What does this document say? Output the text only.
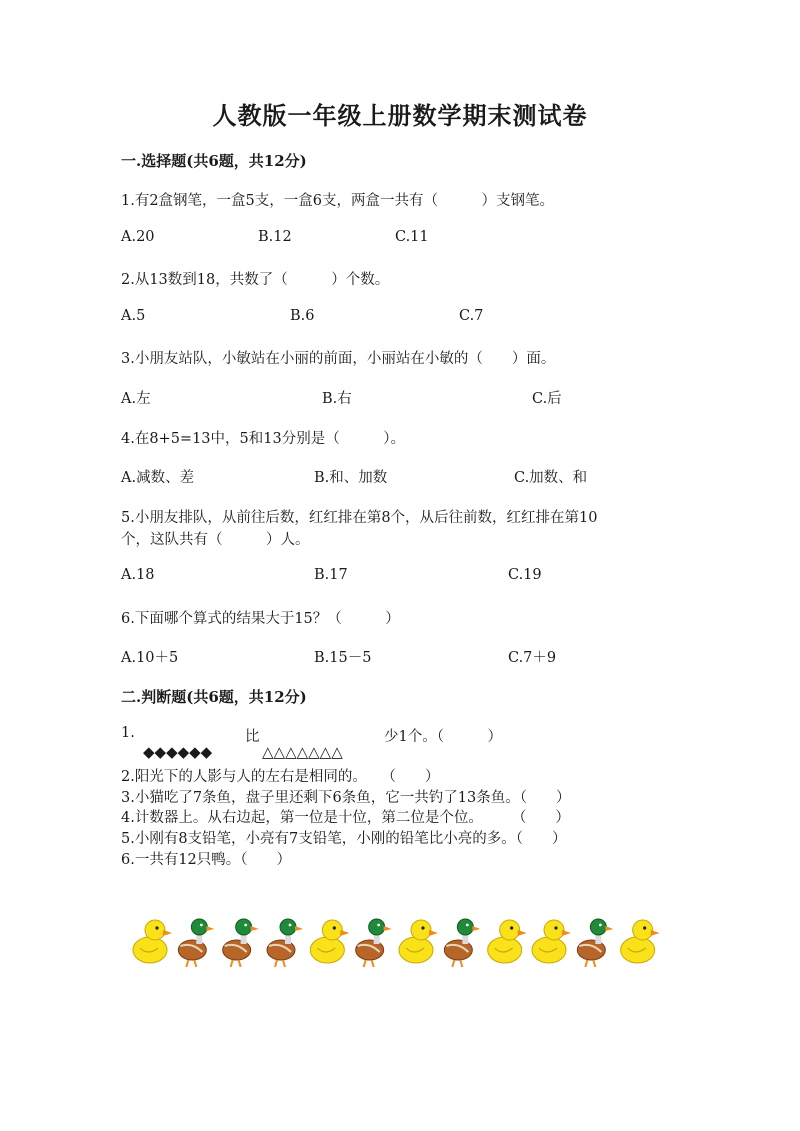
人教版一年级上册数学期末测试卷
一.选择题(共6题，共12分)
1.有2盒钢笔，一盒5支，一盒6支，两盒一共有（　　　）支钢笔。
A.20	B.12	C.11
2.从13数到18，共数了（　　　）个数。
A.5	B.6	C.7
3.小朋友站队，小敏站在小丽的前面，小丽站在小敏的（　　）面。
A.左	B.右	C.后
4.在8+5=13中，5和13分别是（　　　）。
A.减数、差	B.和、加数	C.加数、和
5.小朋友排队，从前往后数，红红排在第8个，从后往前数，红红排在第10
个，这队共有（　　　）人。
A.18	B.17	C.19
6.下面哪个算式的结果大于15？（　　　）
A.10＋5	B.15－5	C.7＋9
二.判断题(共6题，共12分)
1.	比	少1个。（　　　）
◆◆◆◆◆◆	△△△△△△△
2.阳光下的人影与人的左右是相同的。　　（　　）
3.小猫吃了7条鱼，盘子里还剩下6条鱼，它一共钓了13条鱼。（　　）
4.计数器上。从右边起，第一位是十位，第二位是个位。　　　（　　）
5.小刚有8支铅笔，小亮有7支铅笔，小刚的铅笔比小亮的多。（　　）
6.一共有12只鸭。（　　）
